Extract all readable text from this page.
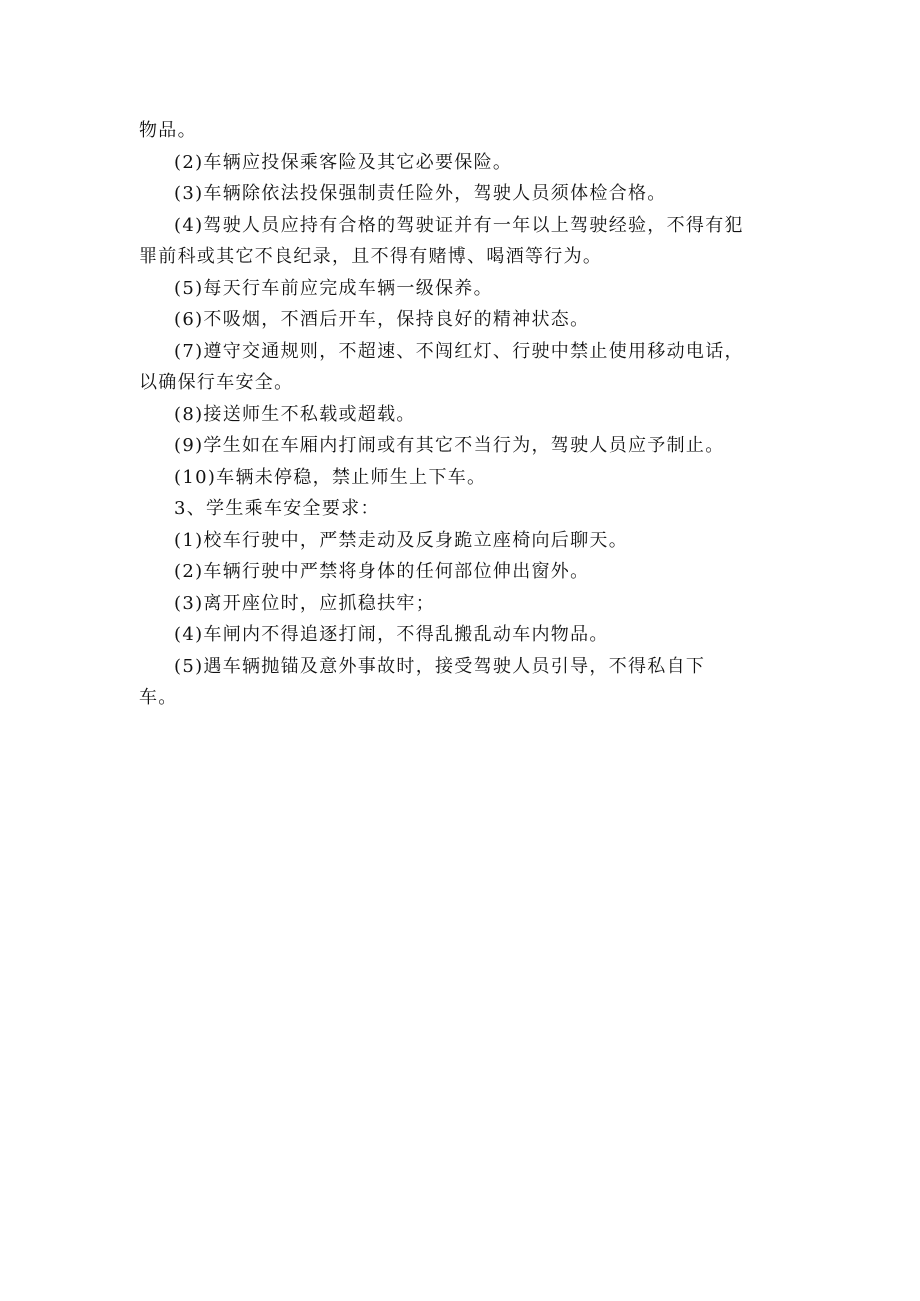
物品。
(2)车辆应投保乘客险及其它必要保险。
(3)车辆除依法投保强制责任险外，驾驶人员须体检合格。
(4)驾驶人员应持有合格的驾驶证并有一年以上驾驶经验，不得有犯
罪前科或其它不良纪录，且不得有赌博、喝酒等行为。
(5)每天行车前应完成车辆一级保养。
(6)不吸烟，不酒后开车，保持良好的精神状态。
(7)遵守交通规则，不超速、不闯红灯、行驶中禁止使用移动电话，
以确保行车安全。
(8)接送师生不私载或超载。
(9)学生如在车厢内打闹或有其它不当行为，驾驶人员应予制止。
(10)车辆未停稳，禁止师生上下车。
3、学生乘车安全要求：
(1)校车行驶中，严禁走动及反身跪立座椅向后聊天。
(2)车辆行驶中严禁将身体的任何部位伸出窗外。
(3)离开座位时，应抓稳扶牢；
(4)车闸内不得追逐打闹，不得乱搬乱动车内物品。
(5)遇车辆抛锚及意外事故时，接受驾驶人员引导，不得私自下
车。
